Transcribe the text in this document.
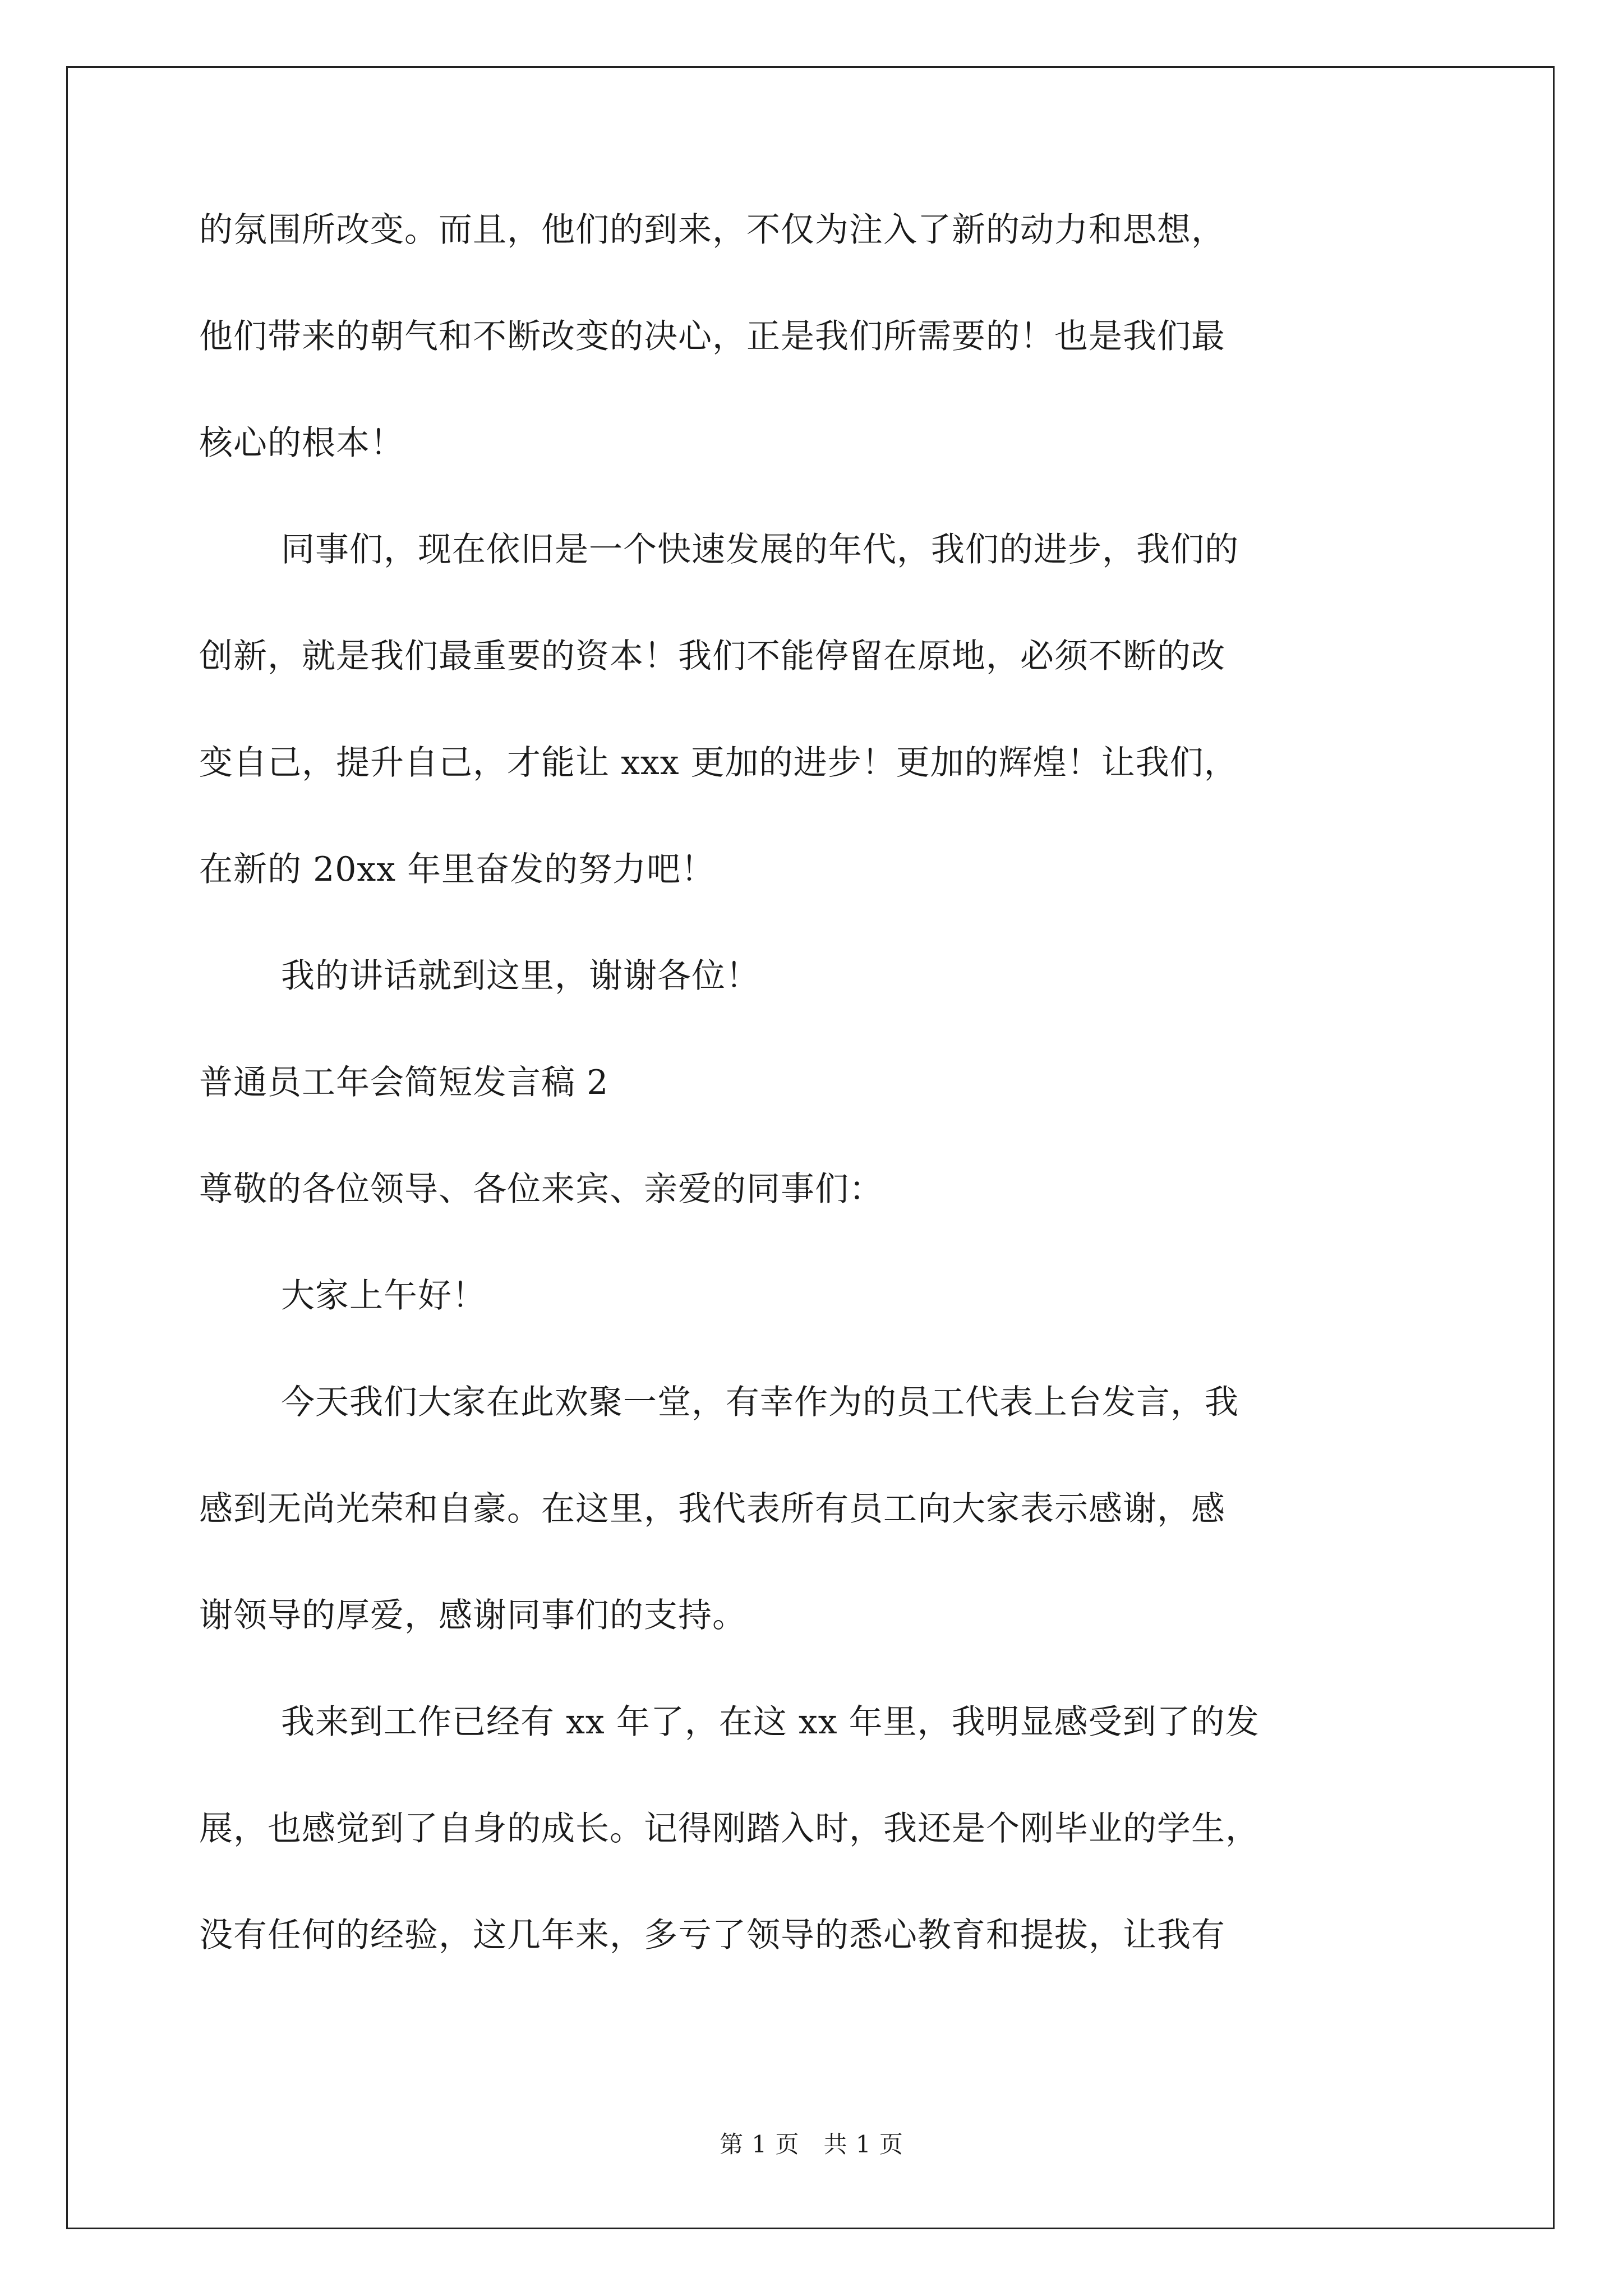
的氛围所改变。而且，他们的到来，不仅为注入了新的动力和思想，
他们带来的朝气和不断改变的决心，正是我们所需要的！也是我们最
核心的根本！
同事们，现在依旧是一个快速发展的年代，我们的进步，我们的
创新，就是我们最重要的资本！我们不能停留在原地，必须不断的改
变自己，提升自己，才能让 xxx 更加的进步！更加的辉煌！让我们，
在新的 20xx 年里奋发的努力吧！
我的讲话就到这里，谢谢各位！
普通员工年会简短发言稿 2
尊敬的各位领导、各位来宾、亲爱的同事们：
大家上午好！
今天我们大家在此欢聚一堂，有幸作为的员工代表上台发言，我
感到无尚光荣和自豪。在这里，我代表所有员工向大家表示感谢，感
谢领导的厚爱，感谢同事们的支持。
我来到工作已经有 xx 年了，在这 xx 年里，我明显感受到了的发
展，也感觉到了自身的成长。记得刚踏入时，我还是个刚毕业的学生，
没有任何的经验，这几年来，多亏了领导的悉心教育和提拔，让我有
第 1 页　共 1 页
